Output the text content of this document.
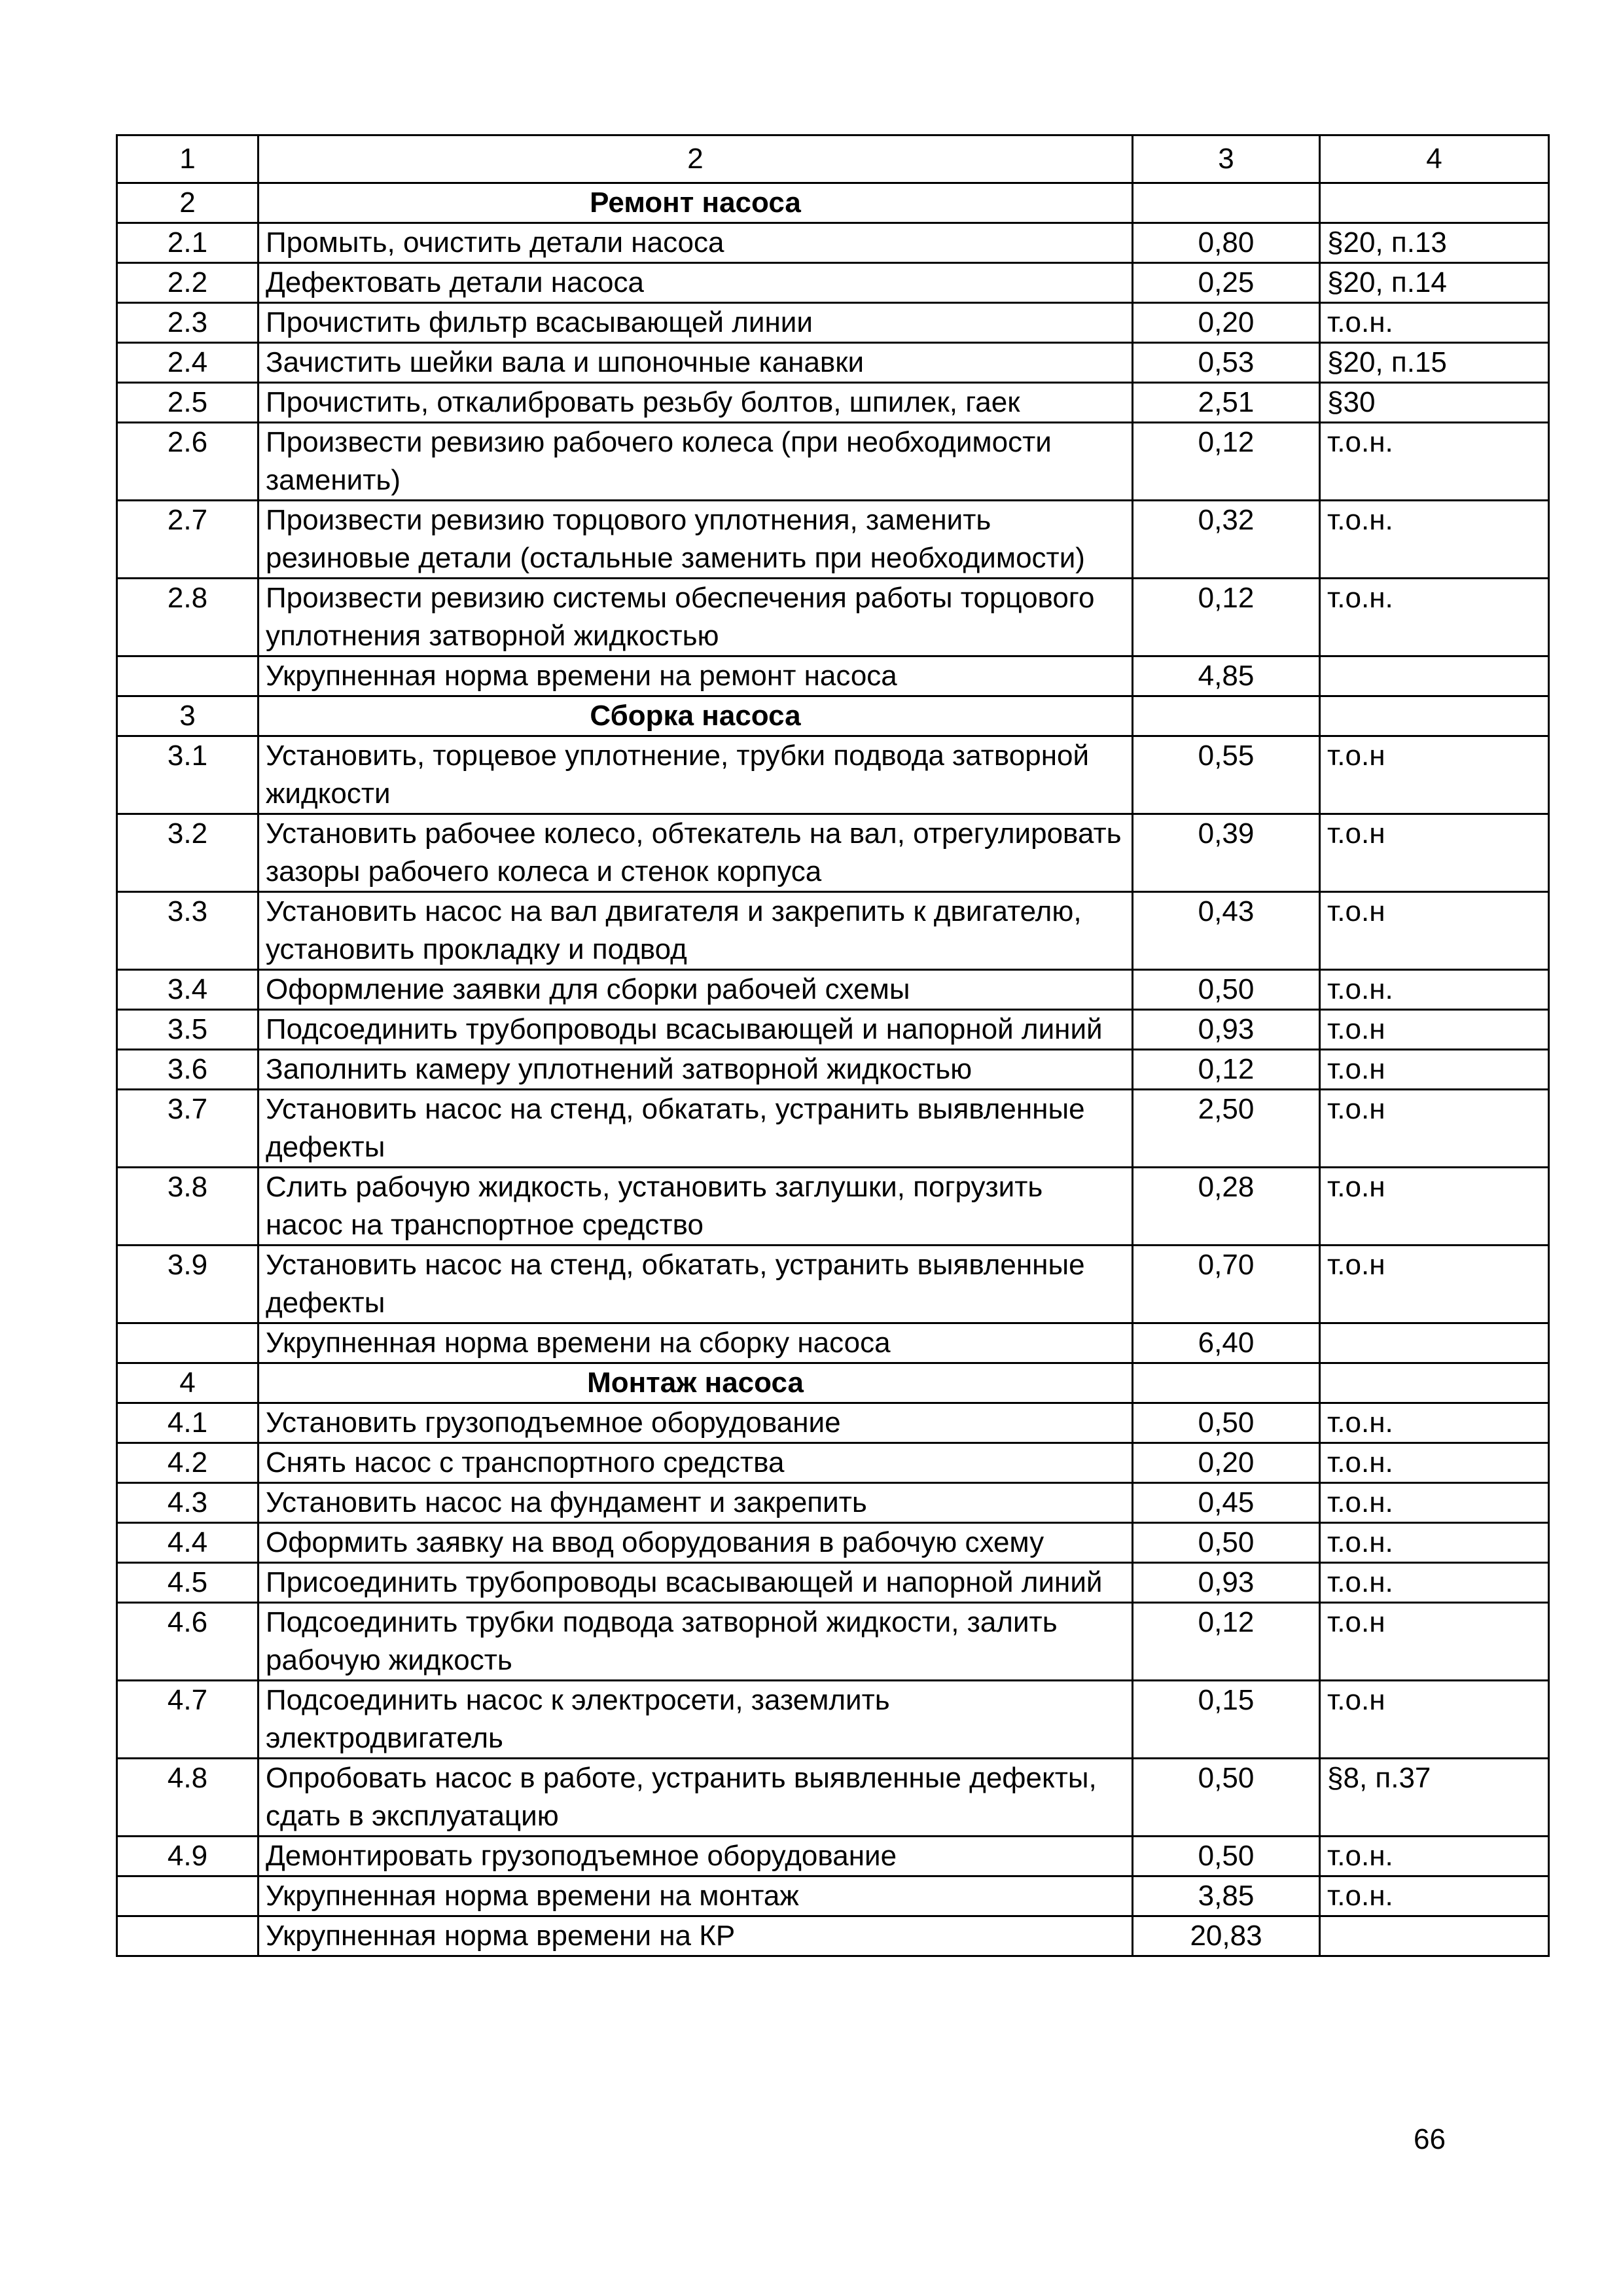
1	2	3	4
2	Ремонт насоса		
2.1	Промыть, очистить детали насоса	0,80	§20, п.13
2.2	Дефектовать детали насоса	0,25	§20, п.14
2.3	Прочистить фильтр всасывающей линии	0,20	т.о.н.
2.4	Зачистить шейки вала и шпоночные канавки	0,53	§20, п.15
2.5	Прочистить, откалибровать резьбу болтов, шпилек, гаек	2,51	§30
2.6	Произвести ревизию рабочего колеса (при необходимости заменить)	0,12	т.о.н.
2.7	Произвести ревизию торцового уплотнения, заменить резиновые детали (остальные заменить при необходимости)	0,32	т.о.н.
2.8	Произвести ревизию системы обеспечения работы торцового уплотнения затворной жидкостью	0,12	т.о.н.
	Укрупненная норма времени на ремонт насоса	4,85	
3	Сборка насоса		
3.1	Установить, торцевое уплотнение, трубки подвода затворной жидкости	0,55	т.о.н
3.2	Установить рабочее колесо, обтекатель на вал, отрегулировать зазоры рабочего колеса и стенок корпуса	0,39	т.о.н
3.3	Установить насос на вал двигателя и закрепить к двигателю, установить прокладку и подвод	0,43	т.о.н
3.4	Оформление заявки для сборки рабочей схемы	0,50	т.о.н.
3.5	Подсоединить трубопроводы всасывающей и напорной линий	0,93	т.о.н
3.6	Заполнить камеру уплотнений затворной жидкостью	0,12	т.о.н
3.7	Установить насос на стенд, обкатать, устранить выявленные дефекты	2,50	т.о.н
3.8	Слить рабочую жидкость, установить заглушки, погрузить насос на транспортное средство	0,28	т.о.н
3.9	Установить насос на стенд, обкатать, устранить выявленные дефекты	0,70	т.о.н
	Укрупненная норма времени на сборку насоса	6,40	
4	Монтаж насоса		
4.1	Установить грузоподъемное оборудование	0,50	т.о.н.
4.2	Снять насос с транспортного средства	0,20	т.о.н.
4.3	Установить насос на фундамент и закрепить	0,45	т.о.н.
4.4	Оформить заявку на ввод оборудования в рабочую схему	0,50	т.о.н.
4.5	Присоединить трубопроводы всасывающей и напорной линий	0,93	т.о.н.
4.6	Подсоединить трубки подвода затворной жидкости, залить рабочую жидкость	0,12	т.о.н
4.7	Подсоединить насос к электросети, заземлить электродвигатель	0,15	т.о.н
4.8	Опробовать насос в работе, устранить выявленные дефекты, сдать в эксплуатацию	0,50	§8, п.37
4.9	Демонтировать грузоподъемное оборудование	0,50	т.о.н.
	Укрупненная норма времени на монтаж	3,85	т.о.н.
	Укрупненная норма времени на КР	20,83	
66
